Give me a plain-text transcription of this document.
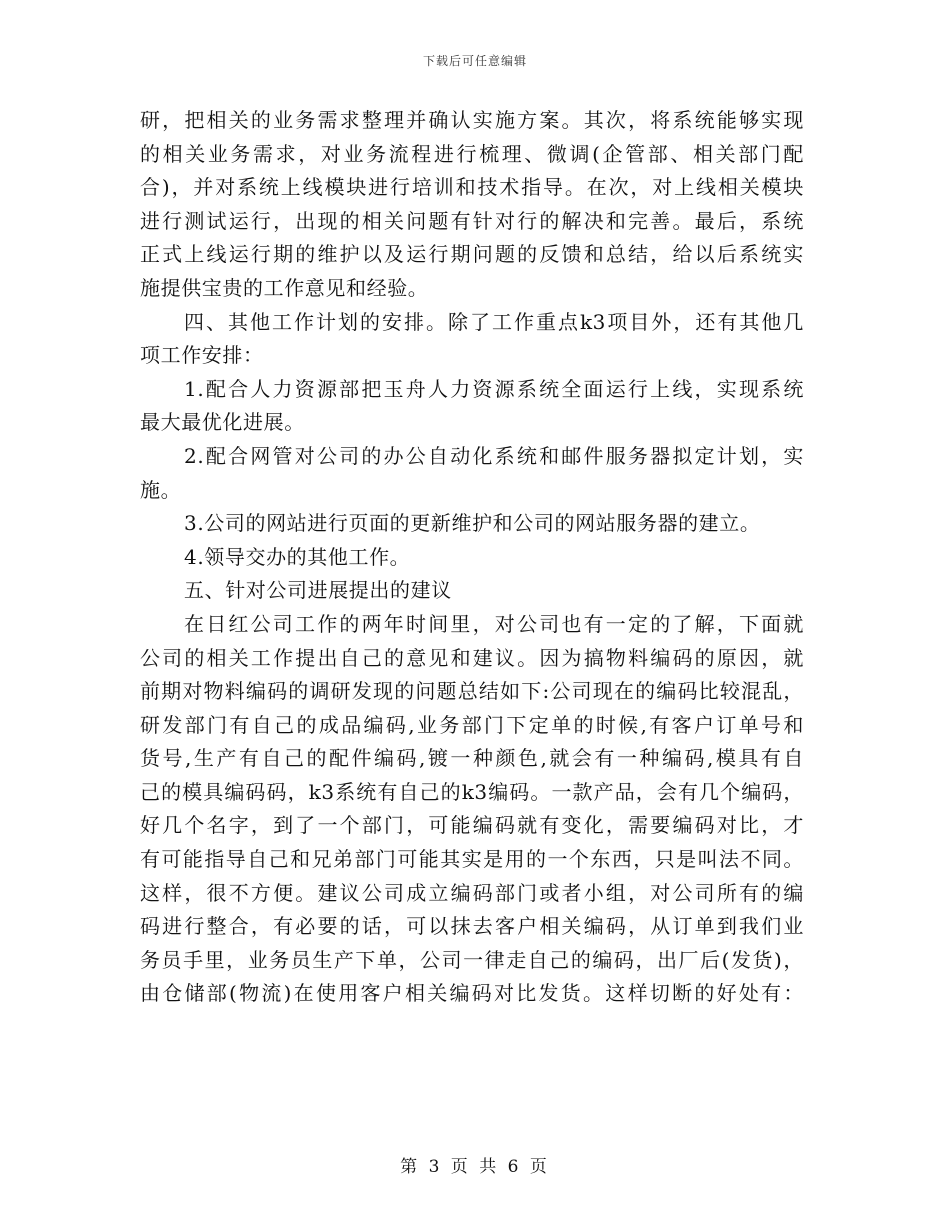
下载后可任意编辑
研，把相关的业务需求整理并确认实施方案。其次，将系统能够实现
的相关业务需求，对业务流程进行梳理、微调(企管部、相关部门配
合)，并对系统上线模块进行培训和技术指导。在次，对上线相关模块
进行测试运行，出现的相关问题有针对行的解决和完善。最后，系统
正式上线运行期的维护以及运行期问题的反馈和总结，给以后系统实
施提供宝贵的工作意见和经验。
四、其他工作计划的安排。除了工作重点k3项目外，还有其他几
项工作安排：
1.配合人力资源部把玉舟人力资源系统全面运行上线，实现系统
最大最优化进展。
2.配合网管对公司的办公自动化系统和邮件服务器拟定计划，实
施。
3.公司的网站进行页面的更新维护和公司的网站服务器的建立。
4.领导交办的其他工作。
五、针对公司进展提出的建议
在日红公司工作的两年时间里，对公司也有一定的了解，下面就
公司的相关工作提出自己的意见和建议。因为搞物料编码的原因，就
前期对物料编码的调研发现的问题总结如下:公司现在的编码比较混乱，
研发部门有自己的成品编码,业务部门下定单的时候,有客户订单号和
货号,生产有自己的配件编码,镀一种颜色,就会有一种编码,模具有自
己的模具编码码，k3系统有自己的k3编码。一款产品，会有几个编码，
好几个名字，到了一个部门，可能编码就有变化，需要编码对比，才
有可能指导自己和兄弟部门可能其实是用的一个东西，只是叫法不同。
这样，很不方便。建议公司成立编码部门或者小组，对公司所有的编
码进行整合，有必要的话，可以抹去客户相关编码，从订单到我们业
务员手里，业务员生产下单，公司一律走自己的编码，出厂后(发货)，
由仓储部(物流)在使用客户相关编码对比发货。这样切断的好处有：
第 3 页 共 6 页
